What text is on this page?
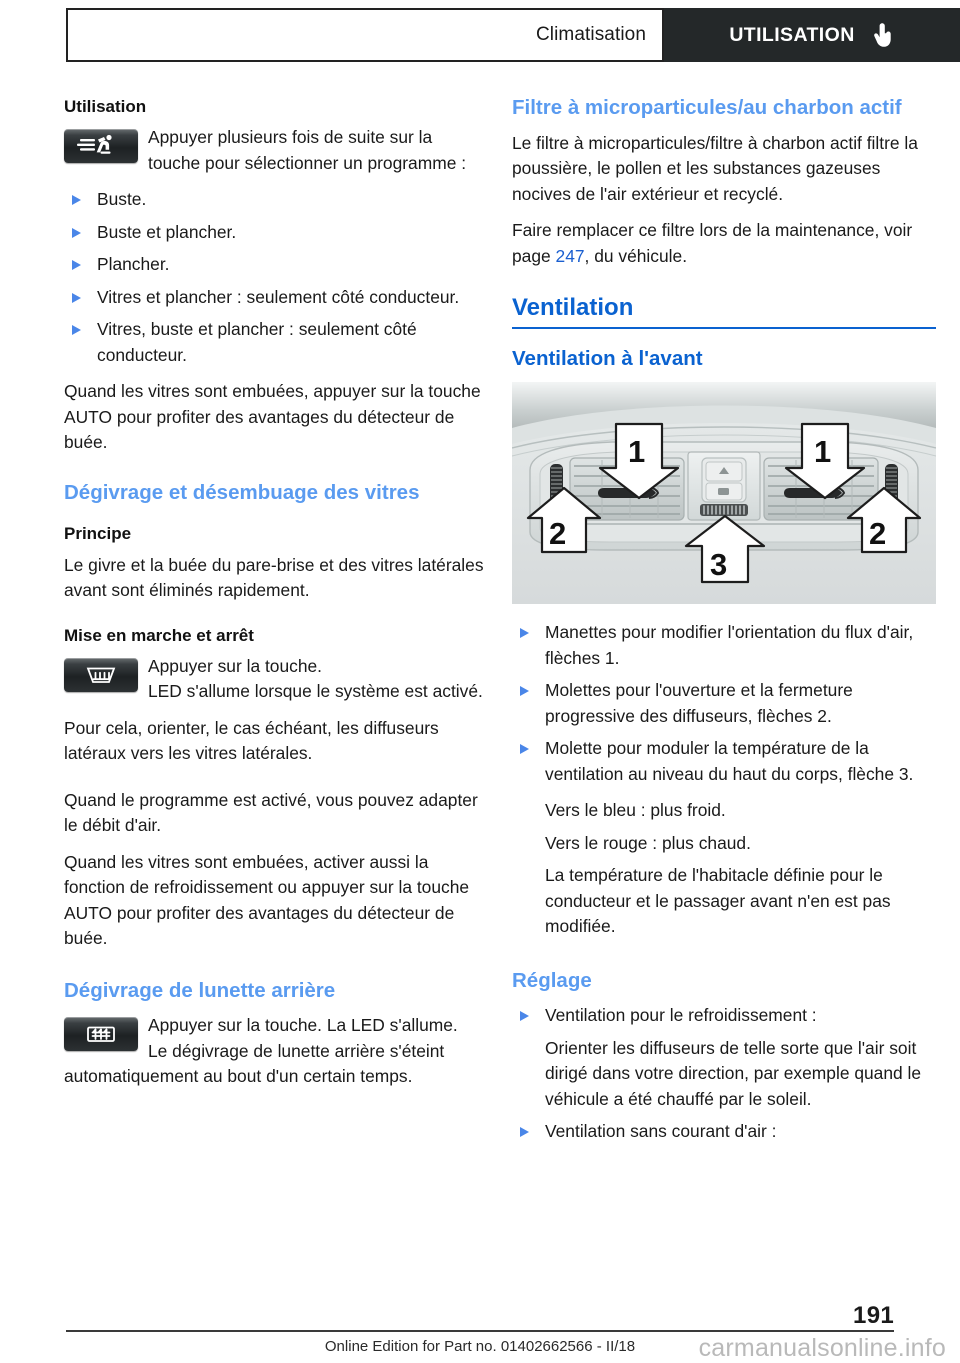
Climatisation	UTILISATION
Utilisation

Appuyer plusieurs fois de suite sur la touche pour sélectionner un programme :

Buste.
Buste et plancher.
Plancher.
Vitres et plancher : seulement côté conducteur.
Vitres, buste et plancher : seulement côté conducteur.

Quand les vitres sont embuées, appuyer sur la touche AUTO pour profiter des avantages du détecteur de buée.

Dégivrage et désembuage des vitres
Principe

Le givre et la buée du pare-brise et des vitres latérales avant sont éliminés rapidement.

Mise en marche et arrêt

Appuyer sur la touche.

LED s'allume lorsque le système est activé.

Pour cela, orienter, le cas échéant, les diffuseurs latéraux vers les vitres latérales.

Quand le programme est activé, vous pouvez adapter le débit d'air.

Quand les vitres sont embuées, activer aussi la fonction de refroidissement ou appuyer sur la touche AUTO pour profiter des avantages du détecteur de buée.

Dégivrage de lunette arrière

Appuyer sur la touche. La LED s'allume.

Le dégivrage de lunette arrière s'éteint automatiquement au bout d'un certain temps.

Filtre à microparticules/au charbon actif

Le filtre à microparticules/filtre à charbon actif filtre la poussière, le pollen et les substances gazeuses nocives de l'air extérieur et recyclé.

Faire remplacer ce filtre lors de la maintenance, voir page 247, du véhicule.

Ventilation
Ventilation à l'avant
1	1
2	2
3
Manettes pour modifier l'orientation du flux d'air, flèches 1.
Molettes pour l'ouverture et la fermeture progressive des diffuseurs, flèches 2.
Molette pour moduler la température de la ventilation au niveau du haut du corps, flèche 3.

Vers le bleu : plus froid.

Vers le rouge : plus chaud.

La température de l'habitacle définie pour le conducteur et le passager avant n'en est pas modifiée.

Réglage
Ventilation pour le refroidissement :
Orienter les diffuseurs de telle sorte que l'air soit dirigé dans votre direction, par exemple quand le véhicule a été chauffé par le soleil.
Ventilation sans courant d'air :
191
Online Edition for Part no. 01402662566 - II/18	carmanualsonline.info
